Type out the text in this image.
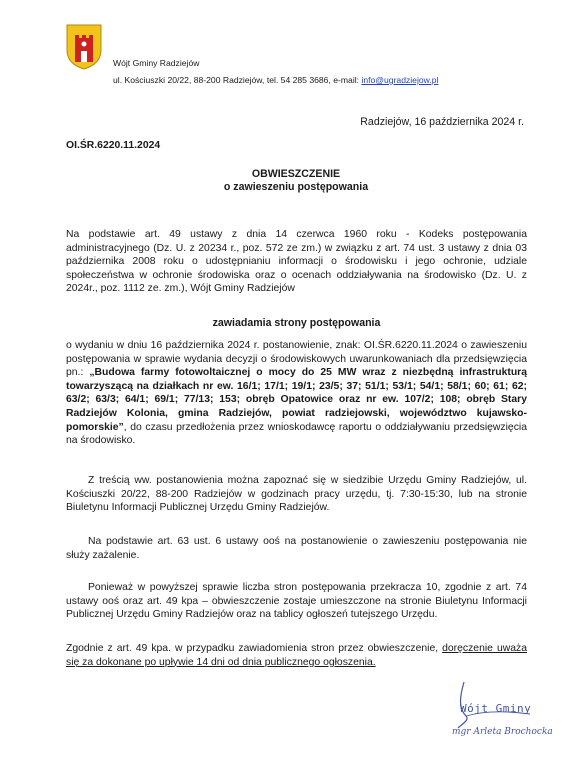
Wójt Gminy Radziejów
ul. Kościuszki 20/22, 88-200 Radziejów, tel. 54 285 3686, e-mail: info@ugradziejow.pl
Radziejów, 16 października 2024 r.
OI.ŚR.6220.11.2024
OBWIESZCZENIE
o zawieszeniu postępowania
Na podstawie art. 49 ustawy z dnia 14 czerwca 1960 roku - Kodeks postępowania administracyjnego (Dz. U. z 20234 r., poz. 572 ze zm.) w związku z art. 74 ust. 3 ustawy z dnia 03 października 2008 roku o udostępnianiu informacji o środowisku i jego ochronie, udziale społeczeństwa w ochronie środowiska oraz o ocenach oddziaływania na środowisko (Dz. U. z 2024r., poz. 1112 ze. zm.), Wójt Gminy Radziejów
zawiadamia strony postępowania
o wydaniu w dniu 16 października 2024 r. postanowienie, znak: OI.ŚR.6220.11.2024 o zawieszeniu postępowania w sprawie wydania decyzji o środowiskowych uwarunkowaniach dla przedsięwzięcia pn.: „Budowa farmy fotowoltaicznej o mocy do 25 MW wraz z niezbędną infrastrukturą towarzyszącą na działkach nr ew. 16/1; 17/1; 19/1; 23/5; 37; 51/1; 53/1; 54/1; 58/1; 60; 61; 62; 63/2; 63/3; 64/1; 69/1; 77/13; 153; obręb Opatowice oraz nr ew. 107/2; 108; obręb Stary Radziejów Kolonia, gmina Radziejów, powiat radziejowski, województwo kujawsko-pomorskie”, do czasu przedłożenia przez wnioskodawcę raportu o oddziaływaniu przedsięwzięcia na środowisko.
Z treścią ww. postanowienia można zapoznać się w siedzibie Urzędu Gminy Radziejów, ul. Kościuszki 20/22, 88-200 Radziejów w godzinach pracy urzędu, tj. 7:30-15:30, lub na stronie Biuletynu Informacji Publicznej Urzędu Gminy Radziejów.
Na podstawie art. 63 ust. 6 ustawy ooś na postanowienie o zawieszeniu postępowania nie służy zażalenie.
Ponieważ w powyższej sprawie liczba stron postępowania przekracza 10, zgodnie z art. 74 ustawy ooś oraz art. 49 kpa – obwieszczenie zostaje umieszczone na stronie Biuletynu Informacji Publicznej Urzędu Gminy Radziejów oraz na tablicy ogłoszeń tutejszego Urzędu.
Zgodnie z art. 49 kpa. w przypadku zawiadomienia stron przez obwieszczenie, doręczenie uważa się za dokonane po upływie 14 dni od dnia publicznego ogłoszenia.
Wójt Gminy
mgr Arleta Brochocka
